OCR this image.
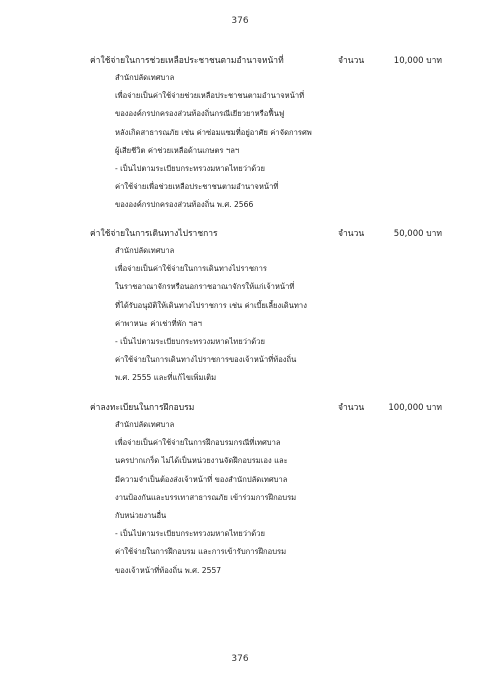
376
ค่าใช้จ่ายในการช่วยเหลือประชาชนตามอำนาจหน้าที่	จำนวน	10,000 บาท
สำนักปลัดเทศบาล
เพื่อจ่ายเป็นค่าใช้จ่ายช่วยเหลือประชาชนตามอำนาจหน้าที่
ขององค์กรปกครองส่วนท้องถิ่นกรณีเยียวยาหรือฟื้นฟู
หลังเกิดสาธารณภัย เช่น ค่าซ่อมแซมที่อยู่อาศัย ค่าจัดการศพ
ผู้เสียชีวิต ค่าช่วยเหลือด้านเกษตร ฯลฯ
- เป็นไปตามระเบียบกระทรวงมหาดไทยว่าด้วย
ค่าใช้จ่ายเพื่อช่วยเหลือประชาชนตามอำนาจหน้าที่
ขององค์กรปกครองส่วนท้องถิ่น พ.ศ. 2566
ค่าใช้จ่ายในการเดินทางไปราชการ	จำนวน	50,000 บาท
สำนักปลัดเทศบาล
เพื่อจ่ายเป็นค่าใช้จ่ายในการเดินทางไปราชการ
ในราชอาณาจักรหรือนอกราชอาณาจักรให้แก่เจ้าหน้าที่
ที่ได้รับอนุมัติให้เดินทางไปราชการ เช่น ค่าเบี้ยเลี้ยงเดินทาง
ค่าพาหนะ ค่าเช่าที่พัก ฯลฯ
- เป็นไปตามระเบียบกระทรวงมหาดไทยว่าด้วย
ค่าใช้จ่ายในการเดินทางไปราชการของเจ้าหน้าที่ท้องถิ่น
พ.ศ. 2555 และที่แก้ไขเพิ่มเติม
ค่าลงทะเบียนในการฝึกอบรม	จำนวน	100,000 บาท
สำนักปลัดเทศบาล
เพื่อจ่ายเป็นค่าใช้จ่ายในการฝึกอบรมกรณีที่เทศบาล
นครปากเกร็ด ไม่ได้เป็นหน่วยงานจัดฝึกอบรมเอง และ
มีความจำเป็นต้องส่งเจ้าหน้าที่ ของสำนักปลัดเทศบาล
งานป้องกันและบรรเทาสาธารณภัย เข้าร่วมการฝึกอบรม
กับหน่วยงานอื่น
- เป็นไปตามระเบียบกระทรวงมหาดไทยว่าด้วย
ค่าใช้จ่ายในการฝึกอบรม และการเข้ารับการฝึกอบรม
ของเจ้าหน้าที่ท้องถิ่น พ.ศ. 2557
376
